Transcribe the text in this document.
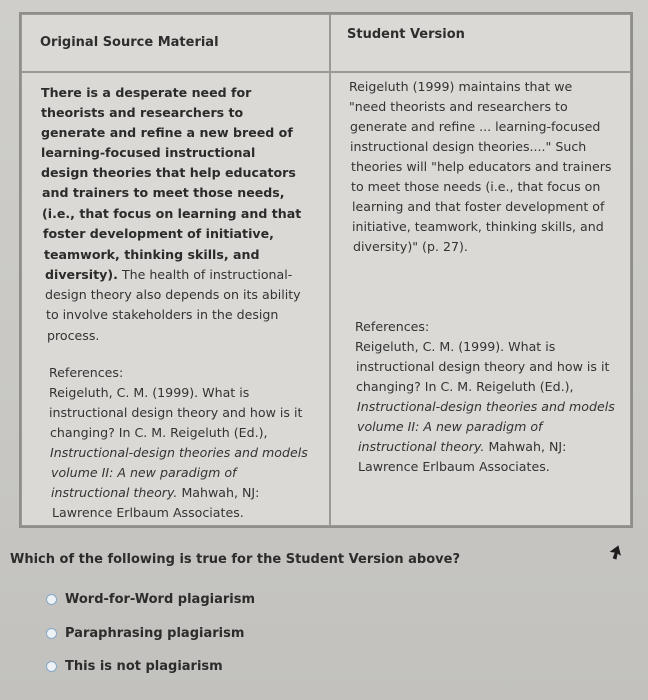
Original Source Material
Student Version
There is a desperate need for
theorists and researchers to
generate and refine a new breed of
learning-focused instructional
design theories that help educators
and trainers to meet those needs,
(i.e., that focus on learning and that
foster development of initiative,
teamwork, thinking skills, and
diversity). The health of instructional-
design theory also depends on its ability
to involve stakeholders in the design
process.
References:
Reigeluth, C. M. (1999). What is
instructional design theory and how is it
changing? In C. M. Reigeluth (Ed.),
Instructional-design theories and models
volume II: A new paradigm of
instructional theory. Mahwah, NJ:
Lawrence Erlbaum Associates.
Reigeluth (1999) maintains that we
"need theorists and researchers to
generate and refine ... learning-focused
instructional design theories...." Such
theories will "help educators and trainers
to meet those needs (i.e., that focus on
learning and that foster development of
initiative, teamwork, thinking skills, and
diversity)" (p. 27).
References:
Reigeluth, C. M. (1999). What is
instructional design theory and how is it
changing? In C. M. Reigeluth (Ed.),
Instructional-design theories and models
volume II: A new paradigm of
instructional theory. Mahwah, NJ:
Lawrence Erlbaum Associates.
Which of the following is true for the Student Version above?
Word-for-Word plagiarism
Paraphrasing plagiarism
This is not plagiarism
